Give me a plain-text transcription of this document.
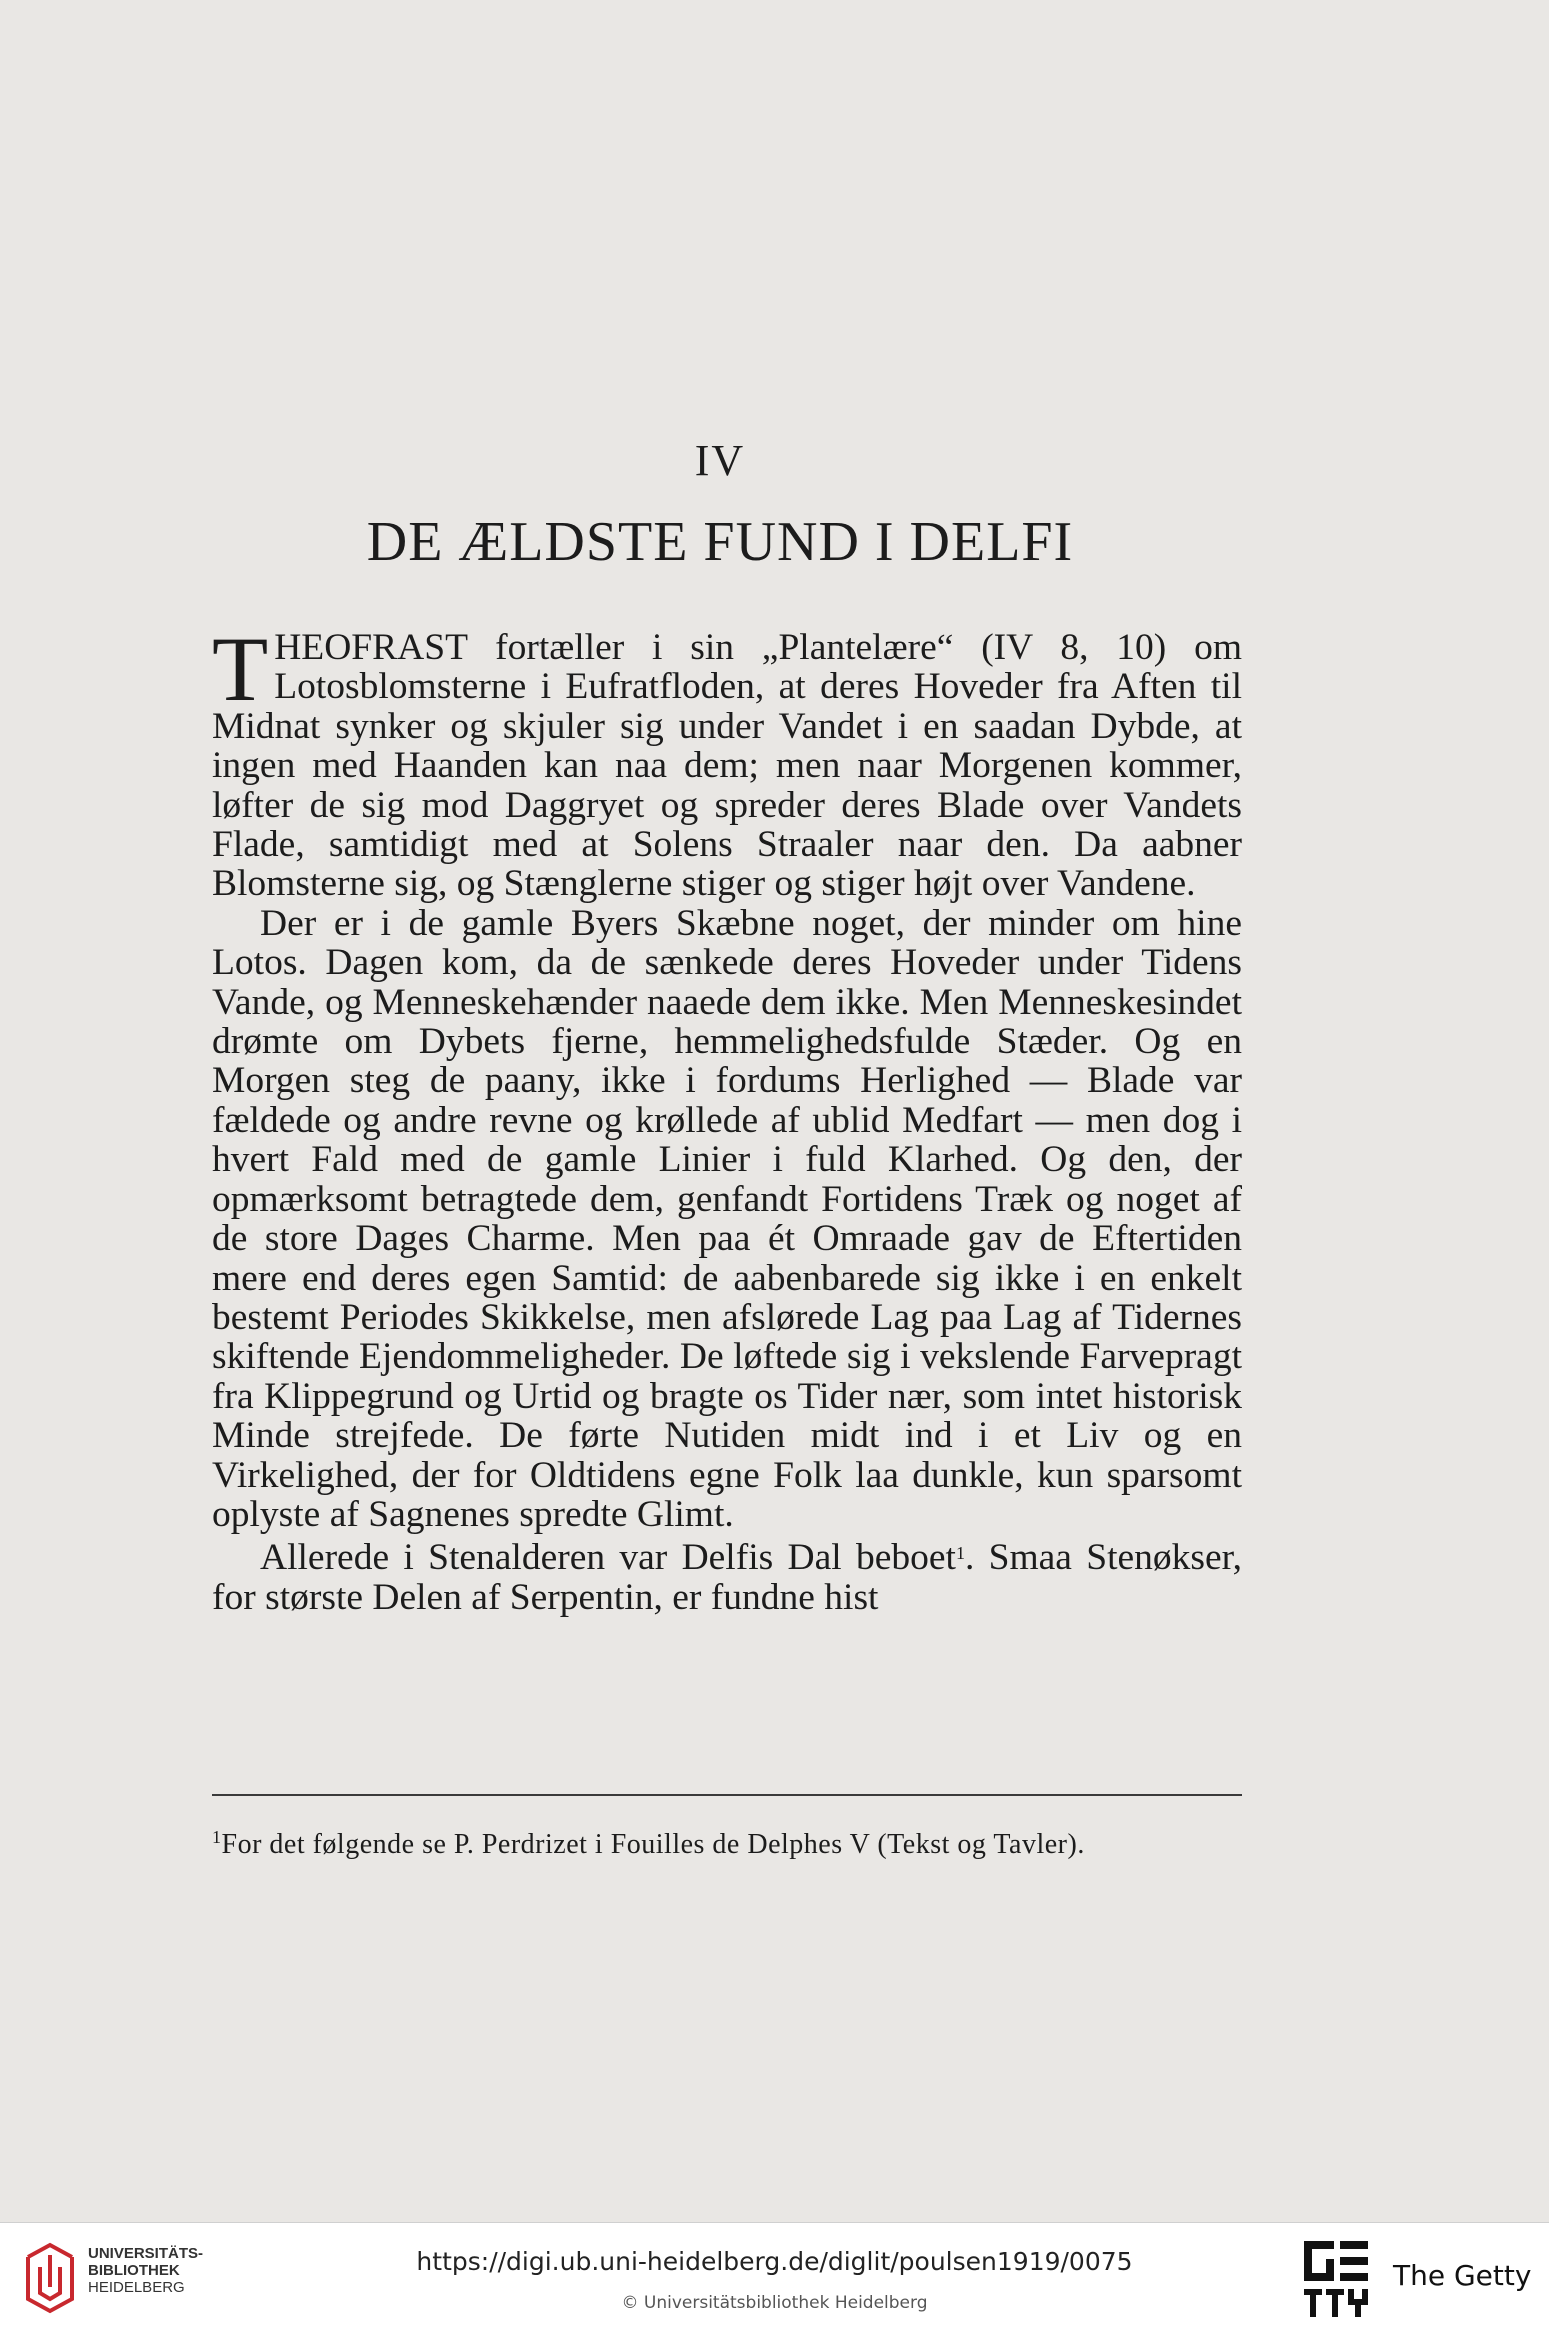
IV
DE ÆLDSTE FUND I DELFI

THEOFRAST fortæller i sin „Plantelære“ (IV 8, 10) om Lotosblomsterne i Eufratfloden, at deres Hoveder fra Aften til Midnat synker og skjuler sig under Vandet i en saadan Dybde, at ingen med Haanden kan naa dem; men naar Morgenen kommer, løfter de sig mod Daggryet og spreder deres Blade over Vandets Flade, samtidigt med at Solens Straaler naar den. Da aabner Blomsterne sig, og Stænglerne stiger og stiger højt over Vandene.

Der er i de gamle Byers Skæbne noget, der minder om hine Lotos. Dagen kom, da de sænkede deres Hoveder under Tidens Vande, og Menneskehænder naaede dem ikke. Men Menneskesindet drømte om Dybets fjerne, hemmelighedsfulde Stæder. Og en Morgen steg de paany, ikke i fordums Herlighed — Blade var fældede og andre revne og krøllede af ublid Medfart — men dog i hvert Fald med de gamle Linier i fuld Klarhed. Og den, der opmærksomt betragtede dem, genfandt Fortidens Træk og noget af de store Dages Charme. Men paa ét Omraade gav de Eftertiden mere end deres egen Samtid: de aabenbarede sig ikke i en enkelt bestemt Periodes Skikkelse, men afslørede Lag paa Lag af Tidernes skiftende Ejendommeligheder. De løftede sig i vekslende Farvepragt fra Klippegrund og Urtid og bragte os Tider nær, som intet historisk Minde strejfede. De førte Nutiden midt ind i et Liv og en Virkelighed, der for Oldtidens egne Folk laa dunkle, kun sparsomt oplyste af Sagnenes spredte Glimt.

Allerede i Stenalderen var Delfis Dal beboet$^1$. Smaa Stenøkser, for største Delen af Serpentin, er fundne hist

$^1$For det følgende se P. Perdrizet i Fouilles de Delphes V (Tekst og Tavler).
UNIVERSITÄTS-
BIBLIOTHEK
HEIDELBERG
https://digi.ub.uni-heidelberg.de/diglit/poulsen1919/0075
© Universitätsbibliothek Heidelberg
The Getty
